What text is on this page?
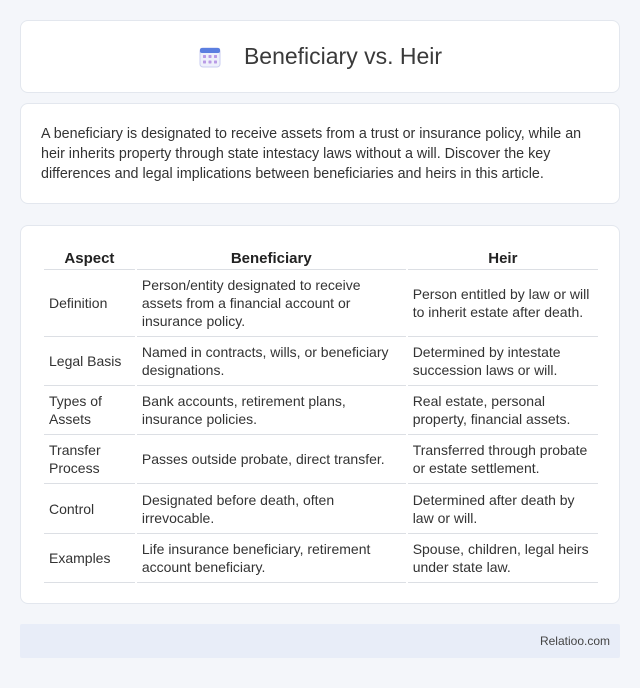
Beneficiary vs. Heir

A beneficiary is designated to receive assets from a trust or insurance policy, while an heir inherits property through state intestacy laws without a will. Discover the key differences and legal implications between beneficiaries and heirs in this article.

Aspect	Beneficiary	Heir
Definition	Person/entity designated to receive assets from a financial account or insurance policy.	Person entitled by law or will to inherit estate after death.
Legal Basis	Named in contracts, wills, or beneficiary designations.	Determined by intestate succession laws or will.
Types of Assets	Bank accounts, retirement plans, insurance policies.	Real estate, personal property, financial assets.
Transfer Process	Passes outside probate, direct transfer.	Transferred through probate or estate settlement.
Control	Designated before death, often irrevocable.	Determined after death by law or will.
Examples	Life insurance beneficiary, retirement account beneficiary.	Spouse, children, legal heirs under state law.
Relatioo.com
